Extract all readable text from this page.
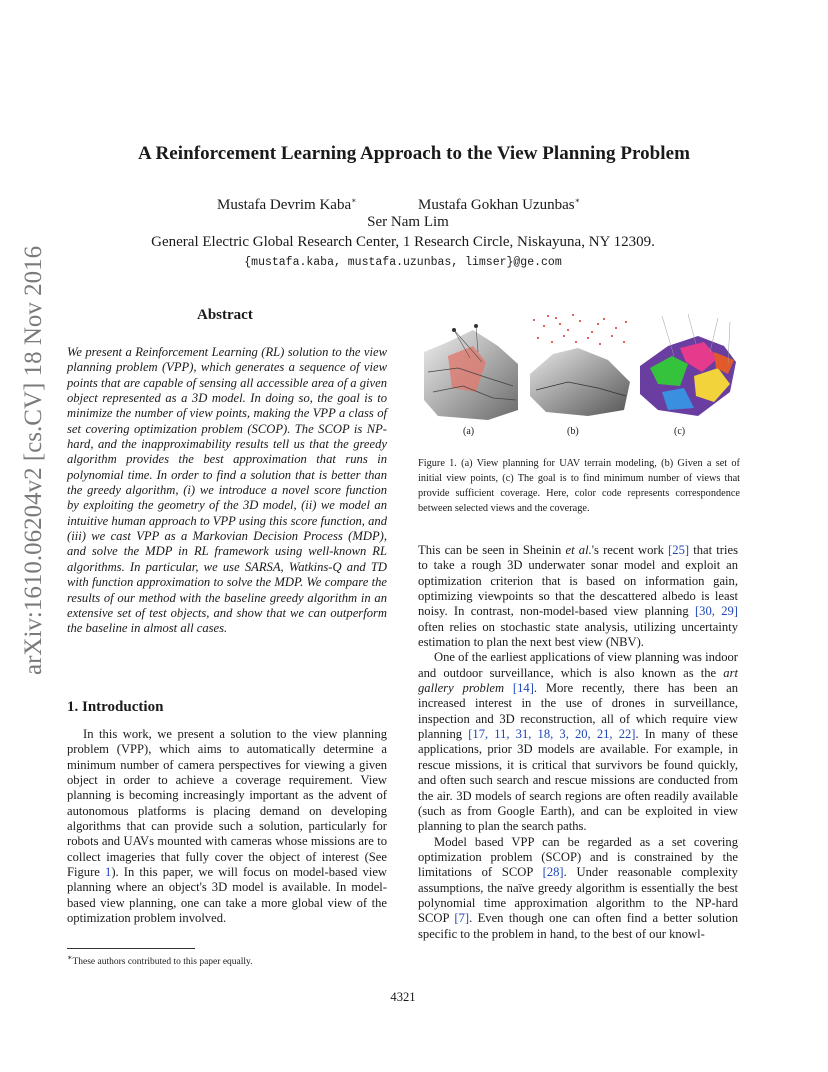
A Reinforcement Learning Approach to the View Planning Problem
Mustafa Devrim Kaba∗	Mustafa Gokhan Uzunbas∗
Ser Nam Lim
General Electric Global Research Center, 1 Research Circle, Niskayuna, NY 12309.
{mustafa.kaba, mustafa.uzunbas, limser}@ge.com
arXiv:1610.06204v2 [cs.CV] 18 Nov 2016	Abstract
We present a Reinforcement Learning (RL) solution to the view planning problem (VPP), which generates a sequence of view points that are capable of sensing all accessible area of a given object represented as a 3D model. In doing so, the goal is to minimize the number of view points, making the VPP a class of set covering optimization problem (SCOP). The SCOP is NP-hard, and the inapproximability results tell us that the greedy algorithm provides the best approximation that runs in polynomial time. In order to find a solution that is better than the greedy algorithm, (i) we introduce a novel score function by exploiting the geometry of the 3D model, (ii) we model an intuitive human approach to VPP using this score function, and (iii) we cast VPP as a Markovian Decision Process (MDP), and solve the MDP in RL framework using well-known RL algorithms. In particular, we use SARSA, Watkins-Q and TD with function approximation to solve the MDP. We compare the results of our method with the baseline greedy algorithm in an extensive set of test objects, and show that we can outperform the baseline in almost all cases.
1. Introduction

In this work, we present a solution to the view planning problem (VPP), which aims to automatically determine a minimum number of camera perspectives for viewing a given object in order to achieve a coverage requirement. View planning is becoming increasingly important as the advent of autonomous platforms is placing demand on developing algorithms that can provide such a solution, particularly for robots and UAVs mounted with cameras whose missions are to collect imageries that fully cover the object of interest (See Figure 1). In this paper, we will focus on model-based view planning where an object's 3D model is available. In model-based view planning, one can take a more global view of the optimization problem involved.

∗These authors contributed to this paper equally.
(a)	(b)	(c)
Figure 1. (a) View planning for UAV terrain modeling, (b) Given a set of initial view points, (c) The goal is to find minimum number of views that provide sufficient coverage. Here, color code represents correspondence between selected views and the coverage.

This can be seen in Sheinin et al.'s recent work [25] that tries to take a rough 3D underwater sonar model and exploit an optimization criterion that is based on information gain, optimizing viewpoints so that the descattered albedo is least noisy. In contrast, non-model-based view planning [30, 29] often relies on stochastic state analysis, utilizing uncertainty estimation to plan the next best view (NBV).

One of the earliest applications of view planning was indoor and outdoor surveillance, which is also known as the art gallery problem [14]. More recently, there has been an increased interest in the use of drones in surveillance, inspection and 3D reconstruction, all of which require view planning [17, 11, 31, 18, 3, 20, 21, 22]. In many of these applications, prior 3D models are available. For example, in rescue missions, it is critical that survivors be found quickly, and often such search and rescue missions are conducted from the air. 3D models of search regions are often readily available (such as from Google Earth), and can be exploited in view planning to plan the search paths.

Model based VPP can be regarded as a set covering optimization problem (SCOP) and is constrained by the limitations of SCOP [28]. Under reasonable complexity assumptions, the naïve greedy algorithm is essentially the best polynomial time approximation algorithm to the NP-hard SCOP [7]. Even though one can often find a better solution specific to the problem in hand, to the best of our knowl-

4321
